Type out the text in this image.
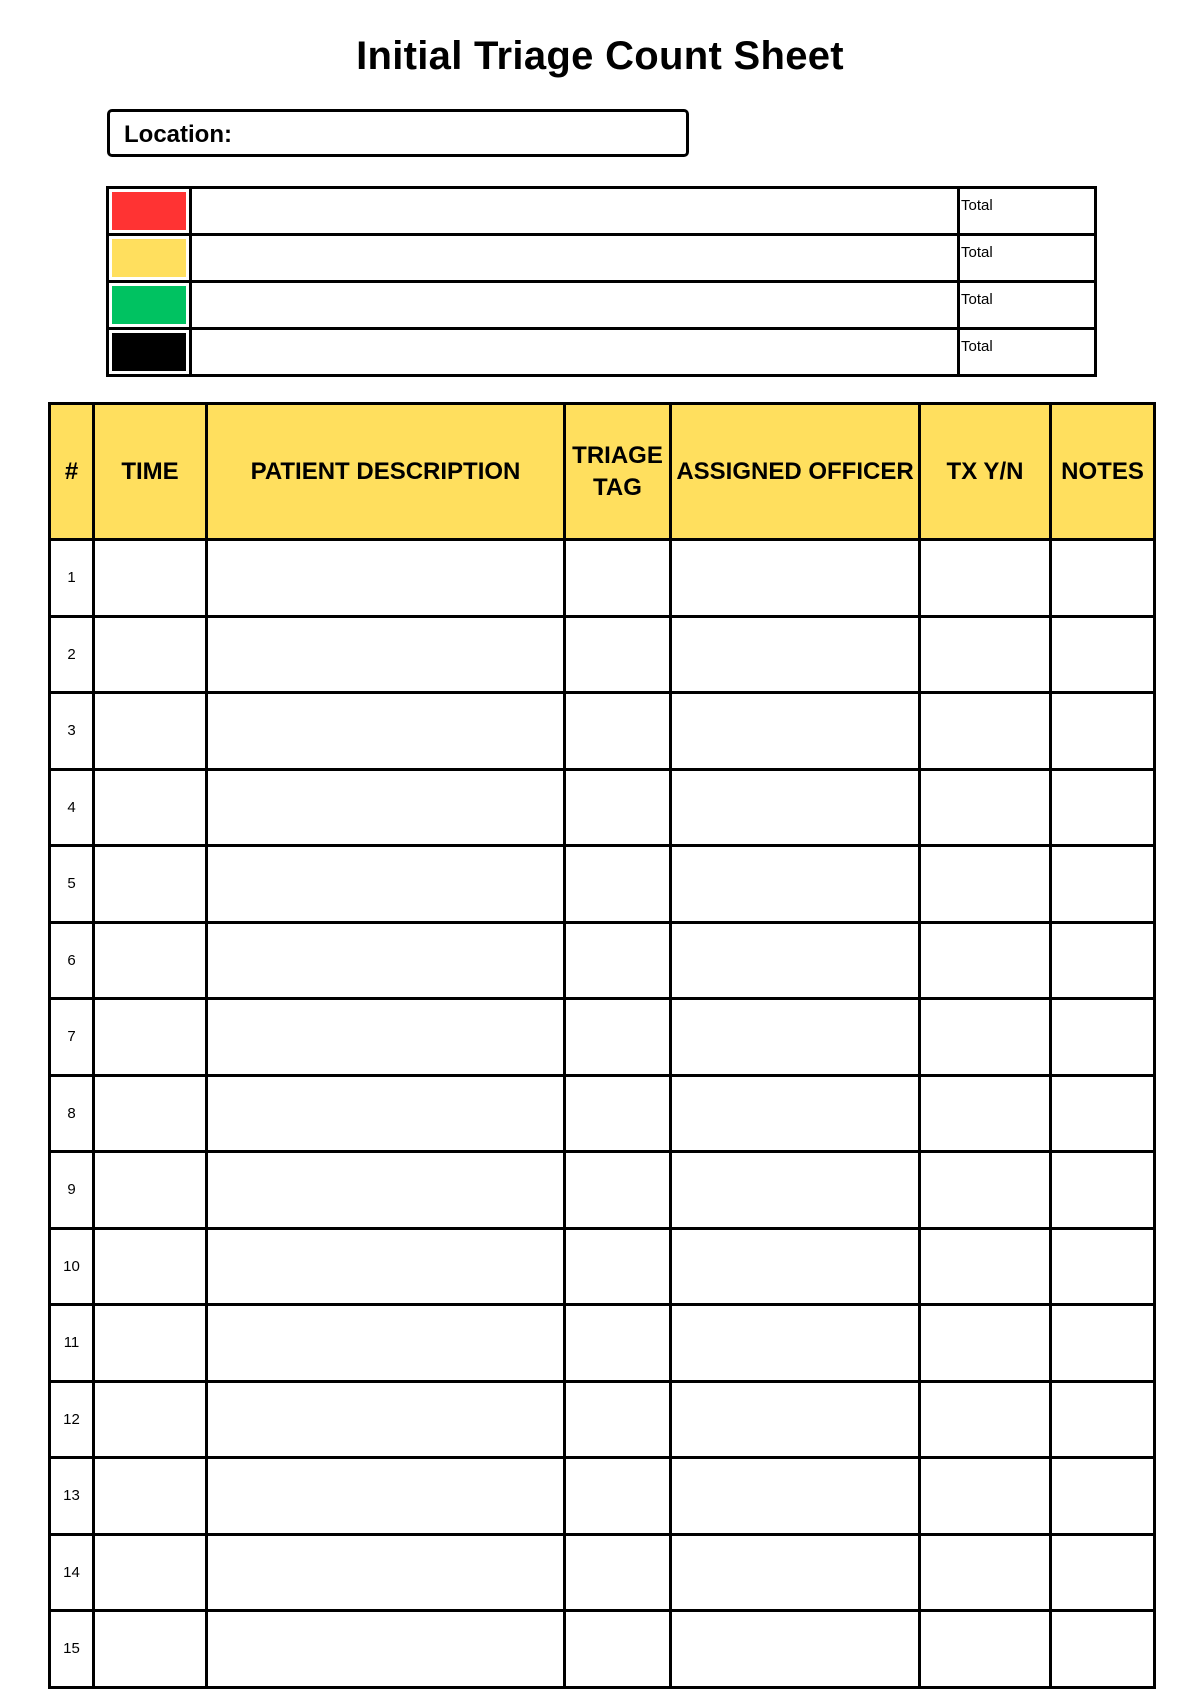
Initial Triage Count Sheet
Location:
		Total

		Total

		Total

		Total
#	TIME	PATIENT DESCRIPTION	TRIAGE TAG	ASSIGNED OFFICER	TX Y/N	NOTES
1						
2						
3						
4						
5						
6						
7						
8						
9						
10						
11						
12						
13						
14						
15						
